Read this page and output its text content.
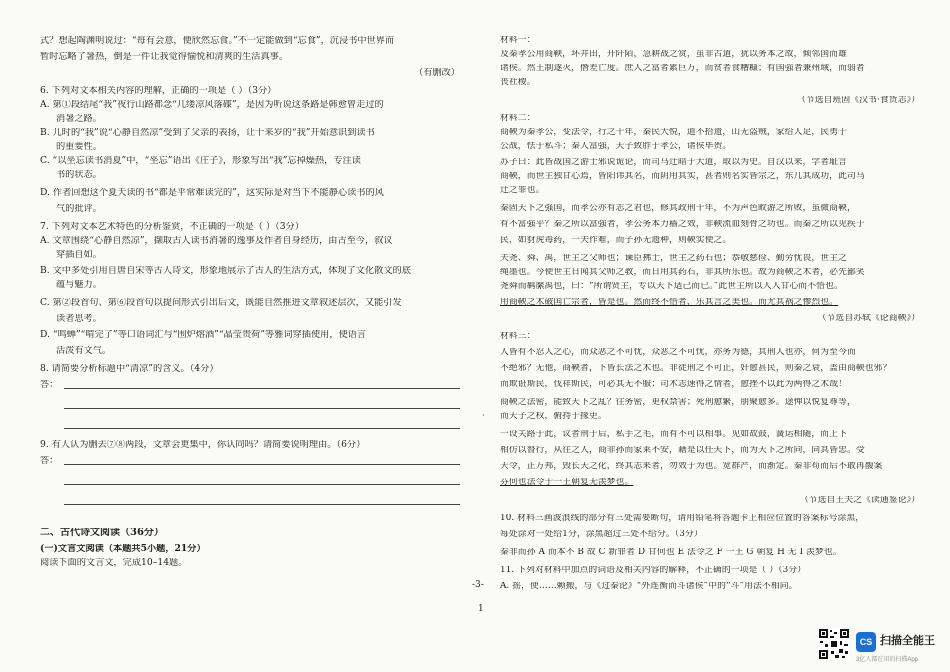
式？想起陶渊明说过：“每有会意，便欣然忘食。”不一定能做到“忘食”，沉浸书中世界而
暂时忘略了暑热，倒是一件让我觉得愉悦和清爽的生活真事。
（有删改）
6. 下列对文本相关内容的理解，正确的一项是（ ）（3分）
A. 第①段结尾“我”夜行山路都念“几缕凉风落碟”，是因为听说这条路是韩愈曾走过的
消暑之路。
B. 儿时的“我”说“心静自然凉”受到了父亲的表扬，让十来岁的“我”开始意识到读书
的重要性。
C. “以坐忘读书消夏”中，“坐忘”语出《庄子》，形象写出“我”忘掉燥热，专注读
书的状态。
D. 作者回想这个夏天读的书“都是平常难读完的”，这实际是对当下不能静心读书的风
气的批评。
7. 下列对文本艺术特色的分析鉴赏，不正确的一项是（ ）（3分）
A. 文章围绕“心静自然凉”，撷取古人读书消暑的逸事及作者自身经历，由古至今，叙议
穿插自如。
B. 文中多处引用自唐自宋等古人诗文，形象地展示了古人的生活方式，体现了文化散文的底
蕴与魅力。
C. 第②段首句、第⑥段首句以提问形式引出后文，既能自然推进文章叙述层次，又能引发
读者思考。
D. “鸣蝉”“啃完了”等口语词汇与“围炉熔酒”“晶莹贵荷”等雅词穿插使用，使语言
活泼有文气。
8. 请简要分析标题中“清凉”的含义。（4分）
答：
9. 有人认为删去⑦⑧两段，文章会更集中，你认同吗？请简要说明理由。（6分）
答：
二、古代诗文阅读（36分）
(一)文言文阅读（本题共5小题，21分）
阅读下面的文言文，完成10–14题。
材料一：
及秦孝公用商鞅，坏井田，开阡陌，急耕战之赏，虽非古道，犹以务本之故，倾邻国而雄
诸侯。然王制遂灭，僭差亡度。庶人之富者累巨万，而贫者食糟糠；有国强者兼州域，而弱者
丧社稷。
（节选自班固《汉书·食货志》）
材料二：
商鞅为秦孝公，变法令，行之十年，秦民大悦，道不拾遗，山无盗贼，家给人足，民勇于
公战，怯于私斗；秦人富强，天子致胙于孝公，诸侯毕贺。
苏子曰：此皆战国之游士邪说诡论，而司马迁暗于大道，取以为史。自汉以来，学者耻言
商鞅，而世主独甘心焉，皆阳讳其名，而阴用其实，甚者则名实皆宗之，东几其成功，此司马
迁之罪也。
秦固天下之强国，而孝公亦有志之君也，修其政刑十年，不为声色畋游之所败，虽微商鞅，
有不富强乎？秦之所以富强者，孝公务本力穑之效，非鞅流血刻骨之功也。而秦之所以见疾于
民，如豺虎毒药，一夫作难，而子孙无遗种，则鞅实使之。
夫尧、舜、禹，世主之父师也；谏臣拂士，世主之药石也；恭敬慈俭、勤劳忧畏，世主之
绳墨也。今使世主日闻其父师之教，而日用其药石，非其所乐也。故为商鞅之术者，必先鄙笑
尧舜而羁縻禹也，曰：“所谓贤主，专以天下适己而已。”此世主所以人人甘心而不悟也。
用商鞅之术破国亡宗者，皆是也。然而终不悟者，乐其言之美也。而尤其祸之惨烈也。
（节选自苏轼《论商鞅》）
材料三：
人皆有不忍人之心，而众恶之不可忧，众恶之不可忧，亦务为德，其刑人也亦，何为至今而
不绝邪？无他，商鞅者，下皆长法之术也。非徒刑之不可止，奸愈甚民，则秦之衰，盖由商鞅也邪？
而欺诳斯民，伐祥斯民，可必其无不服；司木志速得之情者，愈挫不以此为两得之术哉！
商鞅之法密，能致天下之乱？往务密，更权禁害；死刑愈繁，朋聚愈多。途惮以悦复尊等，
而天子之权，俯持于掾吏。
一设关路于此，议者刑于后，私手之毛，而有不可以相事。见如故鼓，簧运相随，而上下
相仿以督行，从往之人，商非孙而家莱不安，藉是以任天下，而为天下之所同，同其皆忠。受
天令，正万邦，毁长天之化，终其志来者，勿效于为也。宽群产，而渐定。秦非苟而后不敢再馥案
芬何也法令于一王朝复无羡梦也。
（节选自王夫之《读通鉴论》）
10. 材料三画波浪线的部分有三处需要断句，请用铅笔将答题卡上相应位置的答案标号涂黑，
每处涂对一处给1分，涂黑超过三处不给分。（3分）
秦非而孙 A 而本不 B 故 C 新罪者 D 甘何也 E 法令之 F 一王 G 朝复 H 无 I 羡梦也。
11. 下列对材料中加点的词语及相关内容的解释，不正确的一项是（ ）（3分）
A. 摇，使……赖搬，与《过秦论》“外连衡而斗诸侯”中的“斗”用法不相同。
·
-3-
1
CS 扫描全能王
3亿人都在用的扫描App
